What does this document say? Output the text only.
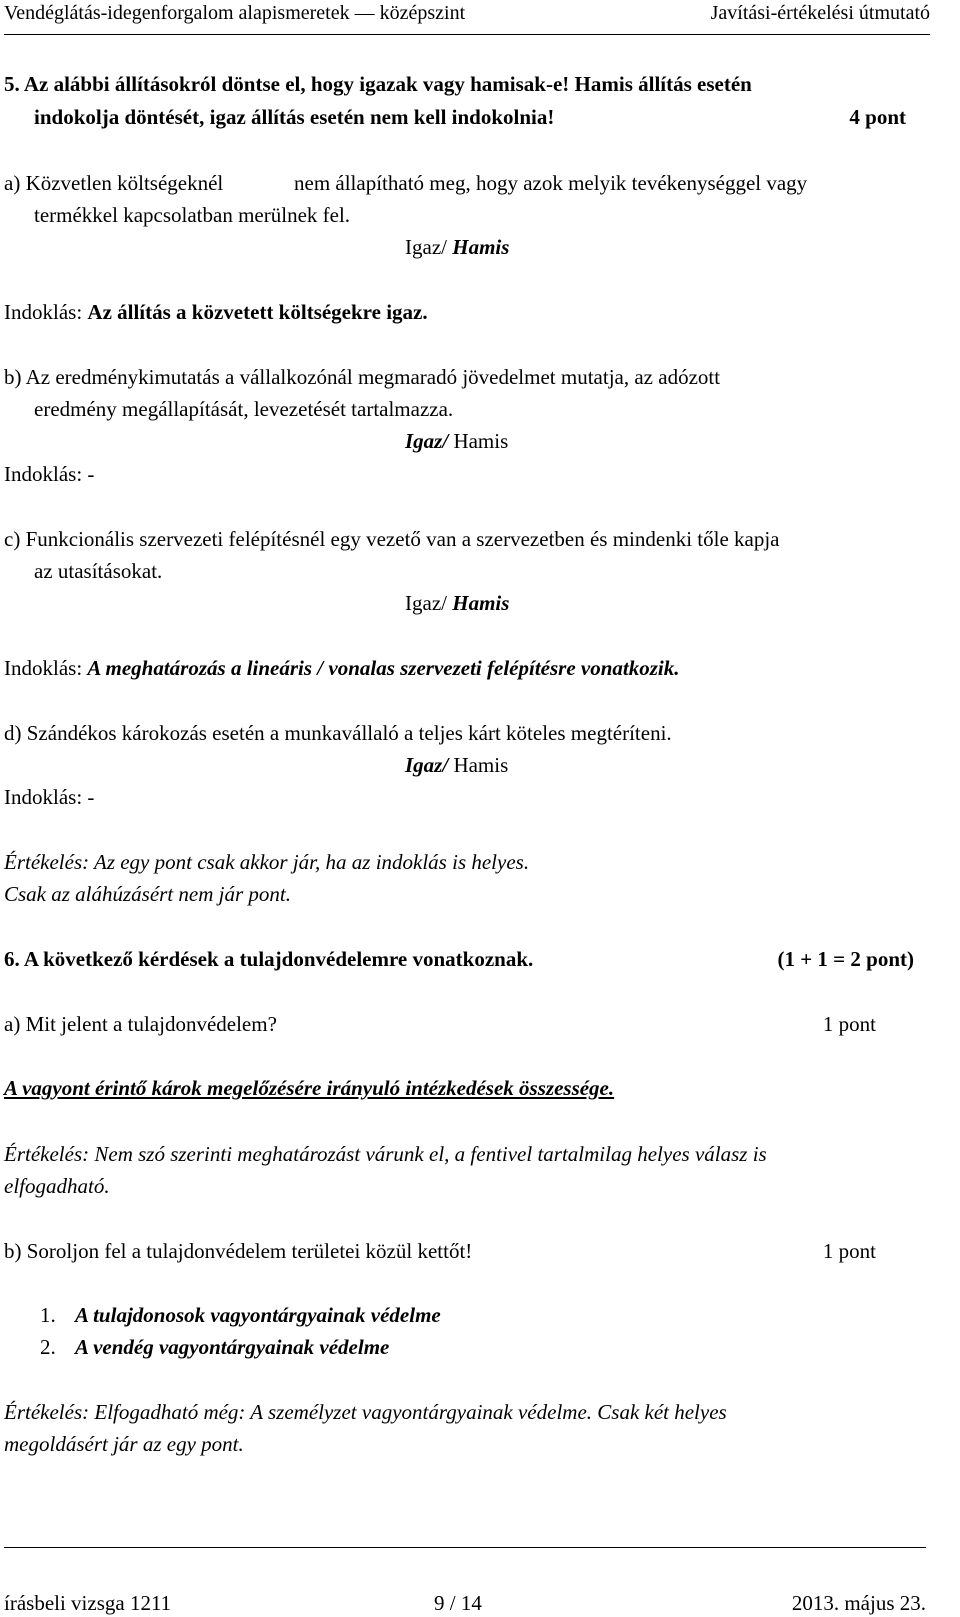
Vendéglátás-idegenforgalom alapismeretek — középszint	Javítási-értékelési útmutató
5. Az alábbi állításokról döntse el, hogy igazak vagy hamisak-e! Hamis állítás esetén
indokolja döntését, igaz állítás esetén nem kell indokolnia!	4 pont
a) Közvetlen költségeknél	nem állapítható meg, hogy azok melyik tevékenységgel vagy
termékkel kapcsolatban merülnek fel.
Igaz/ Hamis
Indoklás: Az állítás a közvetett költségekre igaz.
b) Az eredménykimutatás a vállalkozónál megmaradó jövedelmet mutatja, az adózott
eredmény megállapítását, levezetését tartalmazza.
Igaz/ Hamis
Indoklás: -
c) Funkcionális szervezeti felépítésnél egy vezető van a szervezetben és mindenki tőle kapja
az utasításokat.
Igaz/ Hamis
Indoklás: A meghatározás a lineáris / vonalas szervezeti felépítésre vonatkozik.
d) Szándékos károkozás esetén a munkavállaló a teljes kárt köteles megtéríteni.
Igaz/ Hamis
Indoklás: -
Értékelés: Az egy pont csak akkor jár, ha az indoklás is helyes.
Csak az aláhúzásért nem jár pont.
6. A következő kérdések a tulajdonvédelemre vonatkoznak.	(1 + 1 = 2 pont)
a) Mit jelent a tulajdonvédelem?	1 pont
A vagyont érintő károk megelőzésére irányuló intézkedések összessége.
Értékelés: Nem szó szerinti meghatározást várunk el, a fentivel tartalmilag helyes válasz is
elfogadható.
b) Soroljon fel a tulajdonvédelem területei közül kettőt!	1 pont
1. A tulajdonosok vagyontárgyainak védelme
2. A vendég vagyontárgyainak védelme
Értékelés: Elfogadható még: A személyzet vagyontárgyainak védelme. Csak két helyes
megoldásért jár az egy pont.
írásbeli vizsga 1211	9 / 14	2013. május 23.
